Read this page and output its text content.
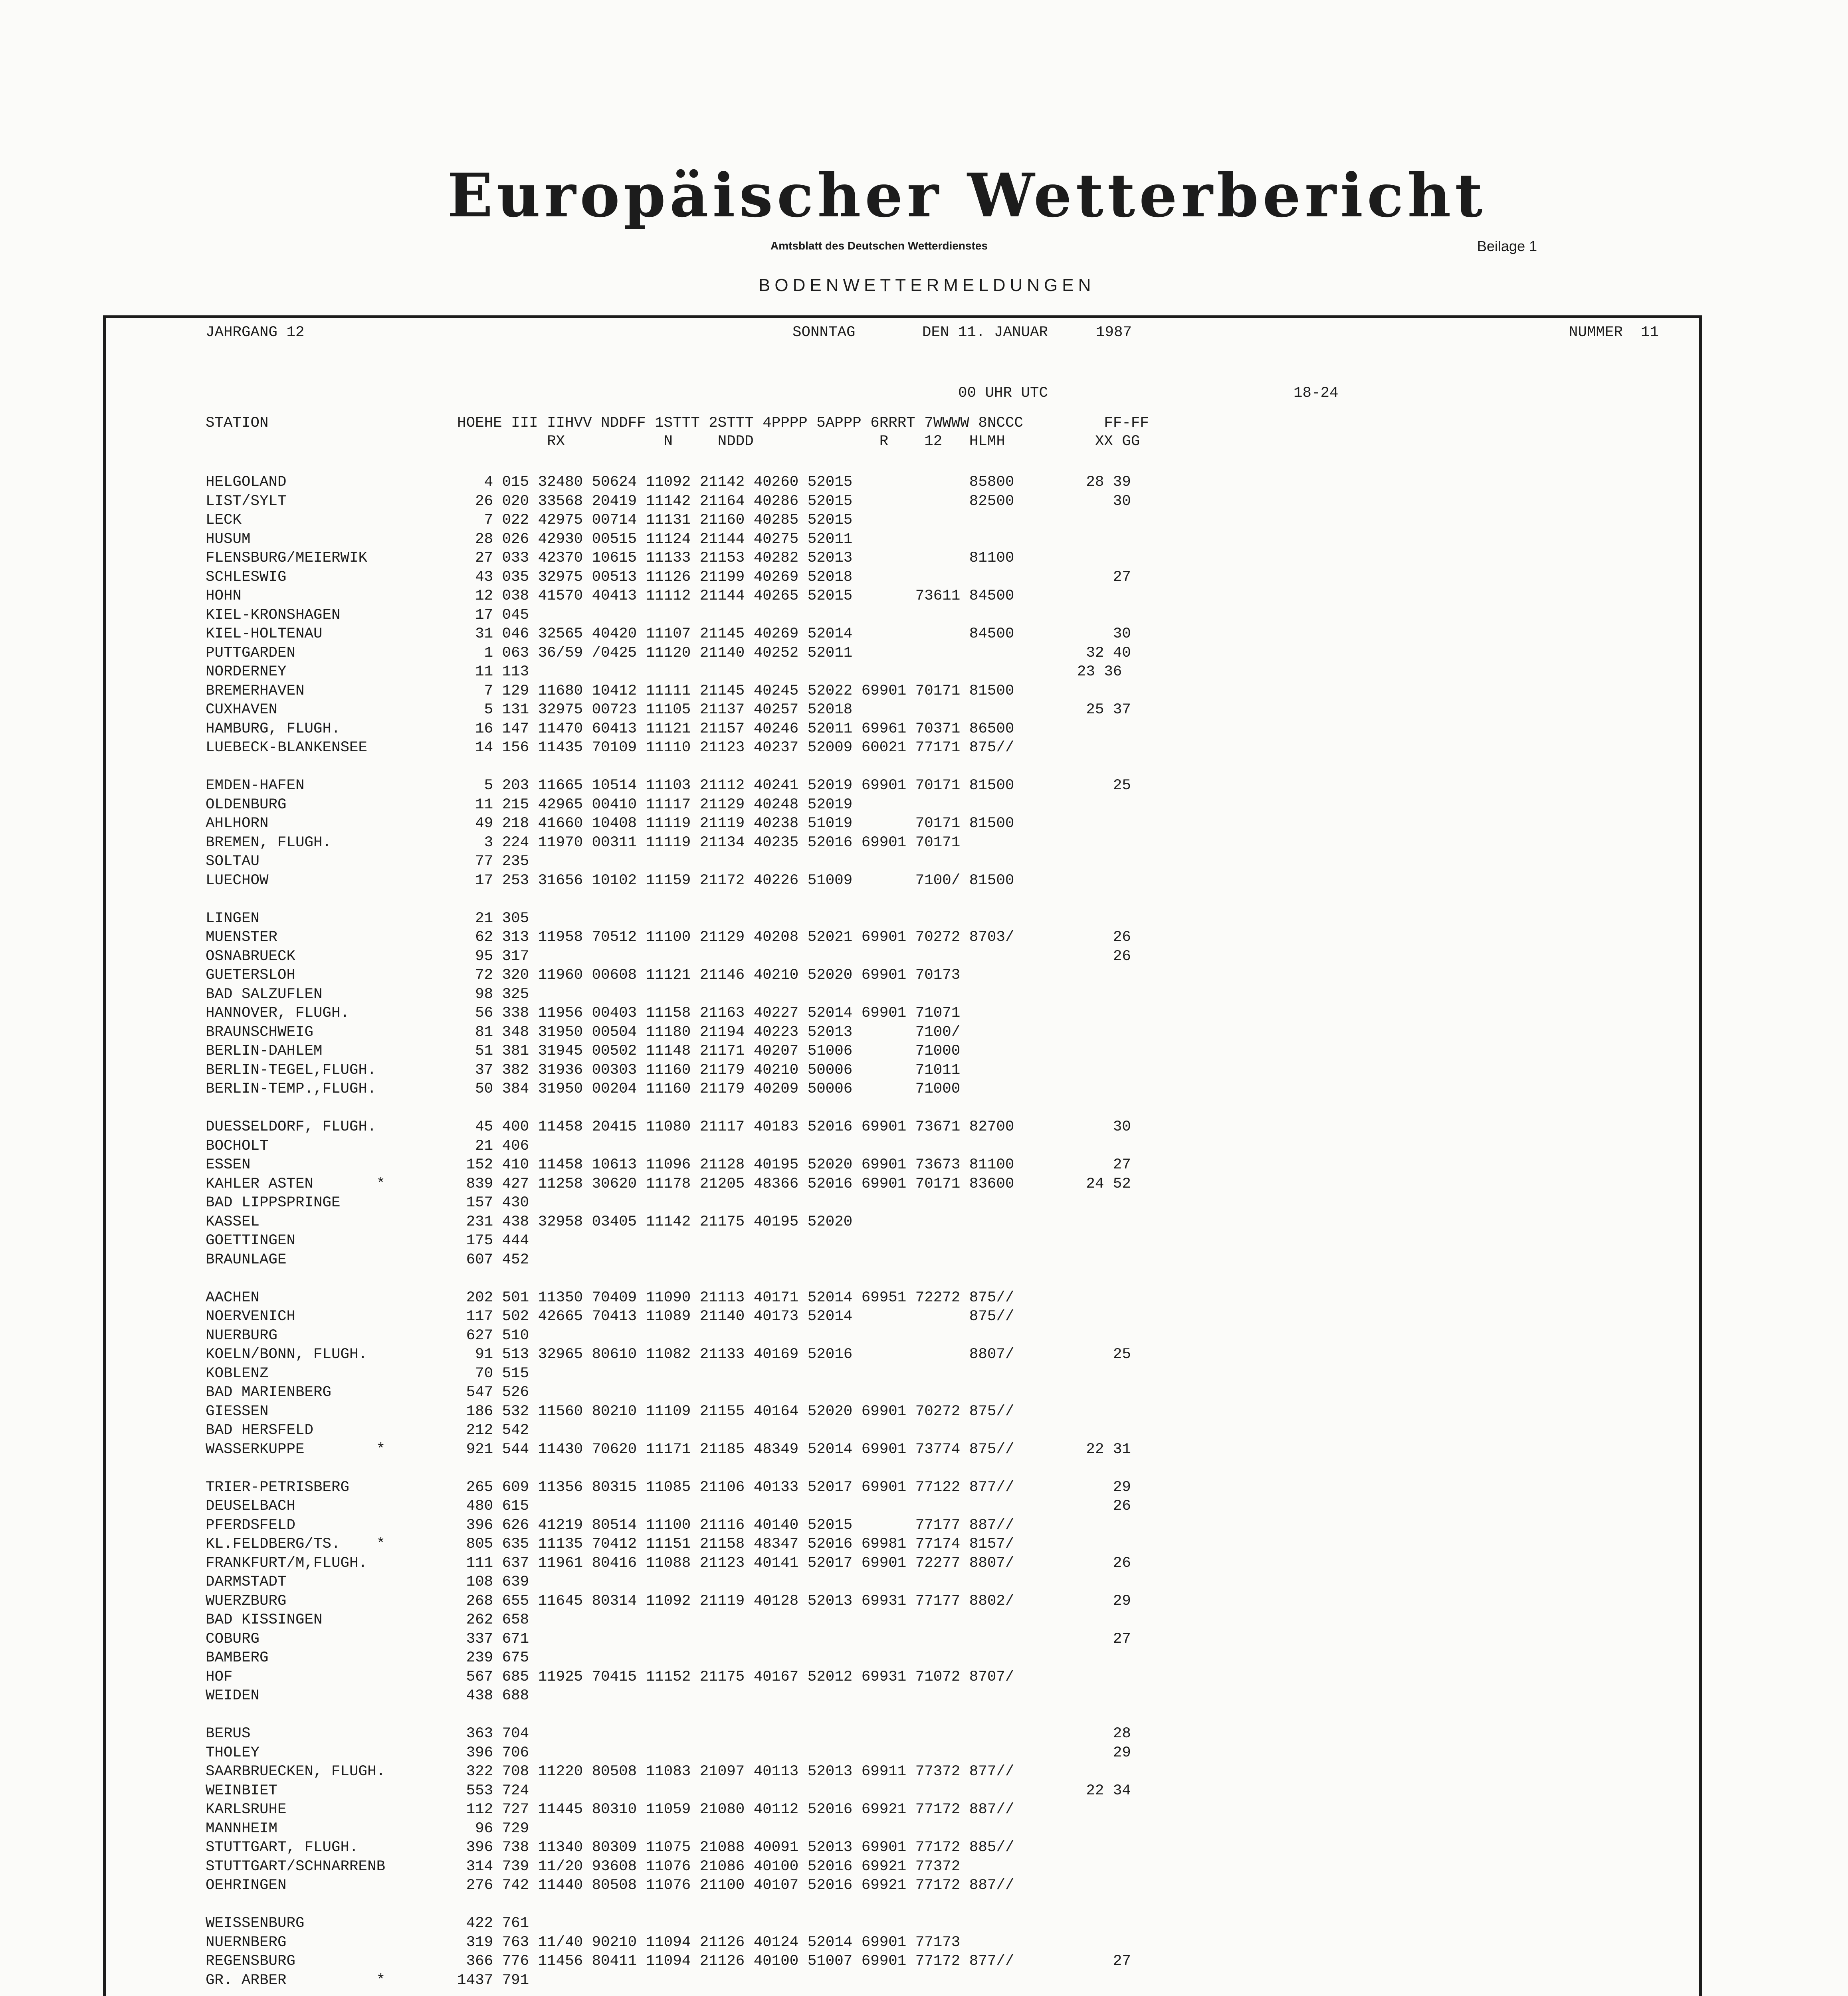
Europäischer Wetterbericht
Amtsblatt des Deutschen Wetterdienstes	Beilage 1
BODENWETTERMELDUNGEN
JAHRGANG 12	SONNTAG	DEN 11. JANUAR	1987	NUMMER  11
00 UHR UTC	18-24
STATION                     HOEHE III IIHVV NDDFF 1STTT 2STTT 4PPPP 5APPP 6RRRT 7WWWW 8NCCC         FF-FF
RX           N     NDDD              R    12   HLMH          XX GG
HELGOLAND                      4 015 32480 50624 11092 21142 40260 52015             85800        28 39
LIST/SYLT                     26 020 33568 20419 11142 21164 40286 52015             82500           30
LECK                           7 022 42975 00714 11131 21160 40285 52015
HUSUM                         28 026 42930 00515 11124 21144 40275 52011
FLENSBURG/MEIERWIK            27 033 42370 10615 11133 21153 40282 52013             81100
SCHLESWIG                     43 035 32975 00513 11126 21199 40269 52018                             27
HOHN                          12 038 41570 40413 11112 21144 40265 52015       73611 84500
KIEL-KRONSHAGEN               17 045
KIEL-HOLTENAU                 31 046 32565 40420 11107 21145 40269 52014             84500           30
PUTTGARDEN                     1 063 36/59 /0425 11120 21140 40252 52011                          32 40
NORDERNEY                     11 113                                                             23 36
BREMERHAVEN                    7 129 11680 10412 11111 21145 40245 52022 69901 70171 81500
CUXHAVEN                       5 131 32975 00723 11105 21137 40257 52018                          25 37
HAMBURG, FLUGH.               16 147 11470 60413 11121 21157 40246 52011 69961 70371 86500
LUEBECK-BLANKENSEE            14 156 11435 70109 11110 21123 40237 52009 60021 77171 875//
EMDEN-HAFEN                    5 203 11665 10514 11103 21112 40241 52019 69901 70171 81500           25
OLDENBURG                     11 215 42965 00410 11117 21129 40248 52019
AHLHORN                       49 218 41660 10408 11119 21119 40238 51019       70171 81500
BREMEN, FLUGH.                 3 224 11970 00311 11119 21134 40235 52016 69901 70171
SOLTAU                        77 235
LUECHOW                       17 253 31656 10102 11159 21172 40226 51009       7100/ 81500
LINGEN                        21 305
MUENSTER                      62 313 11958 70512 11100 21129 40208 52021 69901 70272 8703/           26
OSNABRUECK                    95 317                                                                 26
GUETERSLOH                    72 320 11960 00608 11121 21146 40210 52020 69901 70173
BAD SALZUFLEN                 98 325
HANNOVER, FLUGH.              56 338 11956 00403 11158 21163 40227 52014 69901 71071
BRAUNSCHWEIG                  81 348 31950 00504 11180 21194 40223 52013       7100/
BERLIN-DAHLEM                 51 381 31945 00502 11148 21171 40207 51006       71000
BERLIN-TEGEL,FLUGH.           37 382 31936 00303 11160 21179 40210 50006       71011
BERLIN-TEMP.,FLUGH.           50 384 31950 00204 11160 21179 40209 50006       71000
DUESSELDORF, FLUGH.           45 400 11458 20415 11080 21117 40183 52016 69901 73671 82700           30
BOCHOLT                       21 406
ESSEN                        152 410 11458 10613 11096 21128 40195 52020 69901 73673 81100           27
KAHLER ASTEN       *         839 427 11258 30620 11178 21205 48366 52016 69901 70171 83600        24 52
BAD LIPPSPRINGE              157 430
KASSEL                       231 438 32958 03405 11142 21175 40195 52020
GOETTINGEN                   175 444
BRAUNLAGE                    607 452
AACHEN                       202 501 11350 70409 11090 21113 40171 52014 69951 72272 875//
NOERVENICH                   117 502 42665 70413 11089 21140 40173 52014             875//
NUERBURG                     627 510
KOELN/BONN, FLUGH.            91 513 32965 80610 11082 21133 40169 52016             8807/           25
KOBLENZ                       70 515
BAD MARIENBERG               547 526
GIESSEN                      186 532 11560 80210 11109 21155 40164 52020 69901 70272 875//
BAD HERSFELD                 212 542
WASSERKUPPE        *         921 544 11430 70620 11171 21185 48349 52014 69901 73774 875//        22 31
TRIER-PETRISBERG             265 609 11356 80315 11085 21106 40133 52017 69901 77122 877//           29
DEUSELBACH                   480 615                                                                 26
PFERDSFELD                   396 626 41219 80514 11100 21116 40140 52015       77177 887//
KL.FELDBERG/TS.    *         805 635 11135 70412 11151 21158 48347 52016 69981 77174 8157/
FRANKFURT/M,FLUGH.           111 637 11961 80416 11088 21123 40141 52017 69901 72277 8807/           26
DARMSTADT                    108 639
WUERZBURG                    268 655 11645 80314 11092 21119 40128 52013 69931 77177 8802/           29
BAD KISSINGEN                262 658
COBURG                       337 671                                                                 27
BAMBERG                      239 675
HOF                          567 685 11925 70415 11152 21175 40167 52012 69931 71072 8707/
WEIDEN                       438 688
BERUS                        363 704                                                                 28
THOLEY                       396 706                                                                 29
SAARBRUECKEN, FLUGH.         322 708 11220 80508 11083 21097 40113 52013 69911 77372 877//
WEINBIET                     553 724                                                              22 34
KARLSRUHE                    112 727 11445 80310 11059 21080 40112 52016 69921 77172 887//
MANNHEIM                      96 729
STUTTGART, FLUGH.            396 738 11340 80309 11075 21088 40091 52013 69901 77172 885//
STUTTGART/SCHNARRENB         314 739 11/20 93608 11076 21086 40100 52016 69921 77372
OEHRINGEN                    276 742 11440 80508 11076 21100 40107 52016 69921 77172 887//
WEISSENBURG                  422 761
NUERNBERG                    319 763 11/40 90210 11094 21126 40124 52014 69901 77173
REGENSBURG                   366 776 11456 80411 11094 21126 40100 51007 69901 77172 877//           27
GR. ARBER          *        1437 791
